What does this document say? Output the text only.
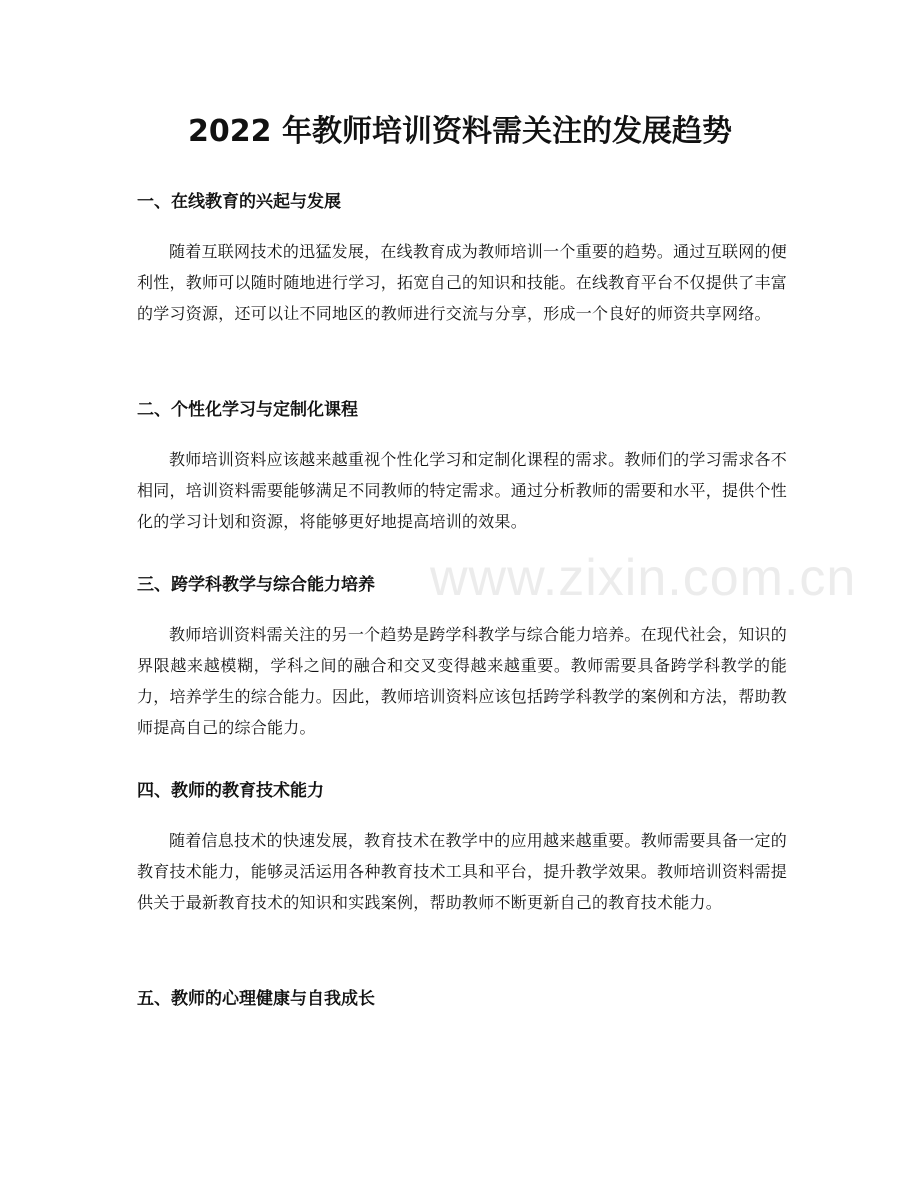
2022 年教师培训资料需关注的发展趋势
一、在线教育的兴起与发展
随着互联网技术的迅猛发展，在线教育成为教师培训一个重要的趋势。通过互联网的便利性，教师可以随时随地进行学习，拓宽自己的知识和技能。在线教育平台不仅提供了丰富的学习资源，还可以让不同地区的教师进行交流与分享，形成一个良好的师资共享网络。
二、个性化学习与定制化课程
教师培训资料应该越来越重视个性化学习和定制化课程的需求。教师们的学习需求各不相同，培训资料需要能够满足不同教师的特定需求。通过分析教师的需要和水平，提供个性化的学习计划和资源，将能够更好地提高培训的效果。
三、跨学科教学与综合能力培养
教师培训资料需关注的另一个趋势是跨学科教学与综合能力培养。在现代社会，知识的界限越来越模糊，学科之间的融合和交叉变得越来越重要。教师需要具备跨学科教学的能力，培养学生的综合能力。因此，教师培训资料应该包括跨学科教学的案例和方法，帮助教师提高自己的综合能力。
四、教师的教育技术能力
随着信息技术的快速发展，教育技术在教学中的应用越来越重要。教师需要具备一定的教育技术能力，能够灵活运用各种教育技术工具和平台，提升教学效果。教师培训资料需提供关于最新教育技术的知识和实践案例，帮助教师不断更新自己的教育技术能力。
五、教师的心理健康与自我成长
www.zixin.com.cn
